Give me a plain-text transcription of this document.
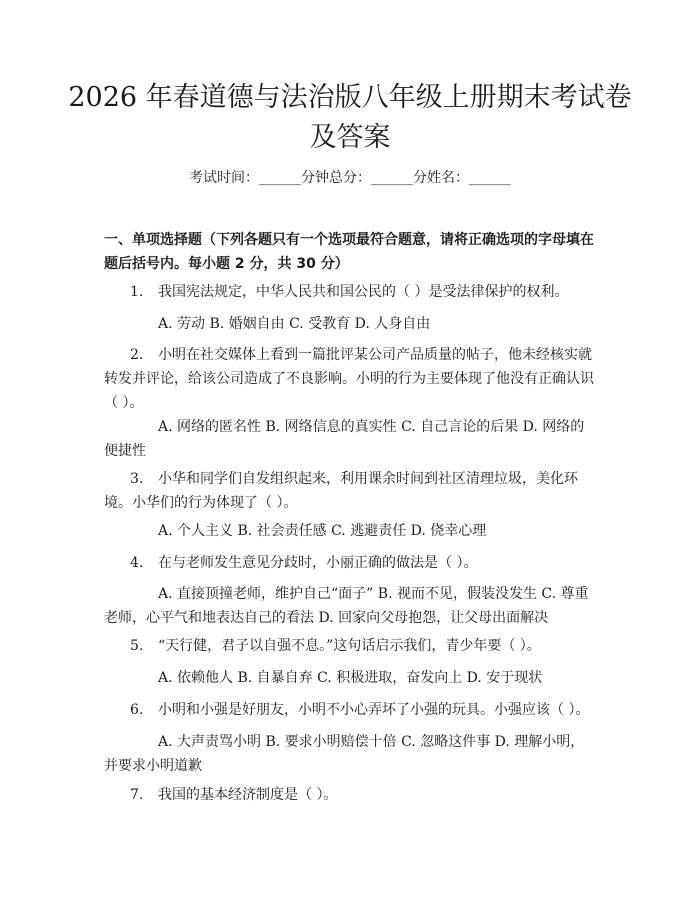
2026 年春道德与法治版八年级上册期末考试卷及答案
考试时间：______分钟总分：______分姓名：______
一、单项选择题（下列各题只有一个选项最符合题意，请将正确选项的字母填在题后括号内。每小题 2 分，共 30 分）
1. 我国宪法规定，中华人民共和国公民的（ ）是受法律保护的权利。
A. 劳动 B. 婚姻自由 C. 受教育 D. 人身自由
2. 小明在社交媒体上看到一篇批评某公司产品质量的帖子，他未经核实就转发并评论，给该公司造成了不良影响。小明的行为主要体现了他没有正确认识（ ）。
A. 网络的匿名性 B. 网络信息的真实性 C. 自己言论的后果 D. 网络的便捷性
3. 小华和同学们自发组织起来，利用课余时间到社区清理垃圾，美化环境。小华们的行为体现了（ ）。
A. 个人主义 B. 社会责任感 C. 逃避责任 D. 侥幸心理
4. 在与老师发生意见分歧时，小丽正确的做法是（ ）。
A. 直接顶撞老师，维护自己“面子” B. 视而不见，假装没发生 C. 尊重老师，心平气和地表达自己的看法 D. 回家向父母抱怨，让父母出面解决
5. “天行健，君子以自强不息。”这句话启示我们，青少年要（ ）。
A. 依赖他人 B. 自暴自弃 C. 积极进取，奋发向上 D. 安于现状
6. 小明和小强是好朋友，小明不小心弄坏了小强的玩具。小强应该（ ）。
A. 大声责骂小明 B. 要求小明赔偿十倍 C. 忽略这件事 D. 理解小明，并要求小明道歉
7. 我国的基本经济制度是（ ）。
